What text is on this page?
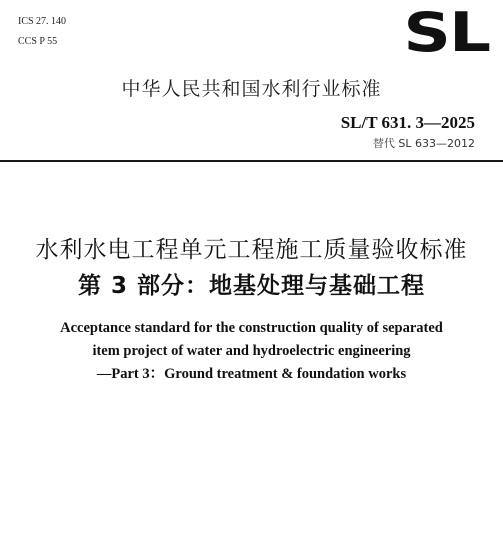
ICS 27. 140
CCS P 55	SL
中华人民共和国水利行业标准
SL/T 631. 3—2025
替代 SL 633—2012
水利水电工程单元工程施工质量验收标准
第 3 部分：地基处理与基础工程
Acceptance standard for the construction quality of separated
item project of water and hydroelectric engineering
—Part 3：Ground treatment & foundation works
